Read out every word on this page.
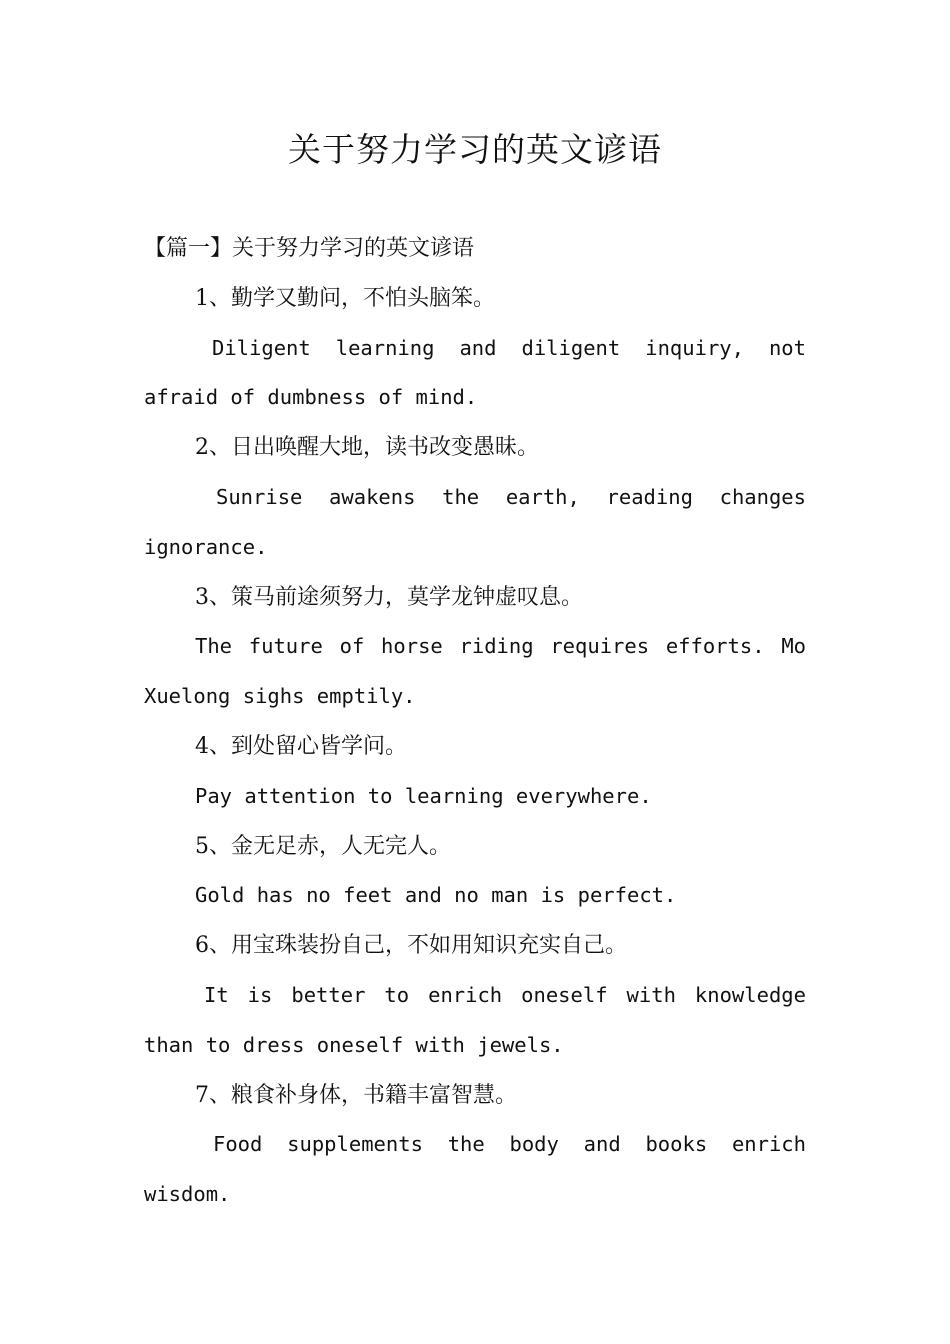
关于努力学习的英文谚语
【篇一】关于努力学习的英文谚语
1、勤学又勤问，不怕头脑笨。
Diligent learning and diligent inquiry, not
afraid of dumbness of mind.
2、日出唤醒大地，读书改变愚昧。
Sunrise awakens the earth, reading changes
ignorance.
3、策马前途须努力，莫学龙钟虚叹息。
The future of horse riding requires efforts. Mo
Xuelong sighs emptily.
4、到处留心皆学问。
Pay attention to learning everywhere.
5、金无足赤，人无完人。
Gold has no feet and no man is perfect.
6、用宝珠装扮自己，不如用知识充实自己。
It is better to enrich oneself with knowledge
than to dress oneself with jewels.
7、粮食补身体，书籍丰富智慧。
Food supplements the body and books enrich
wisdom.
